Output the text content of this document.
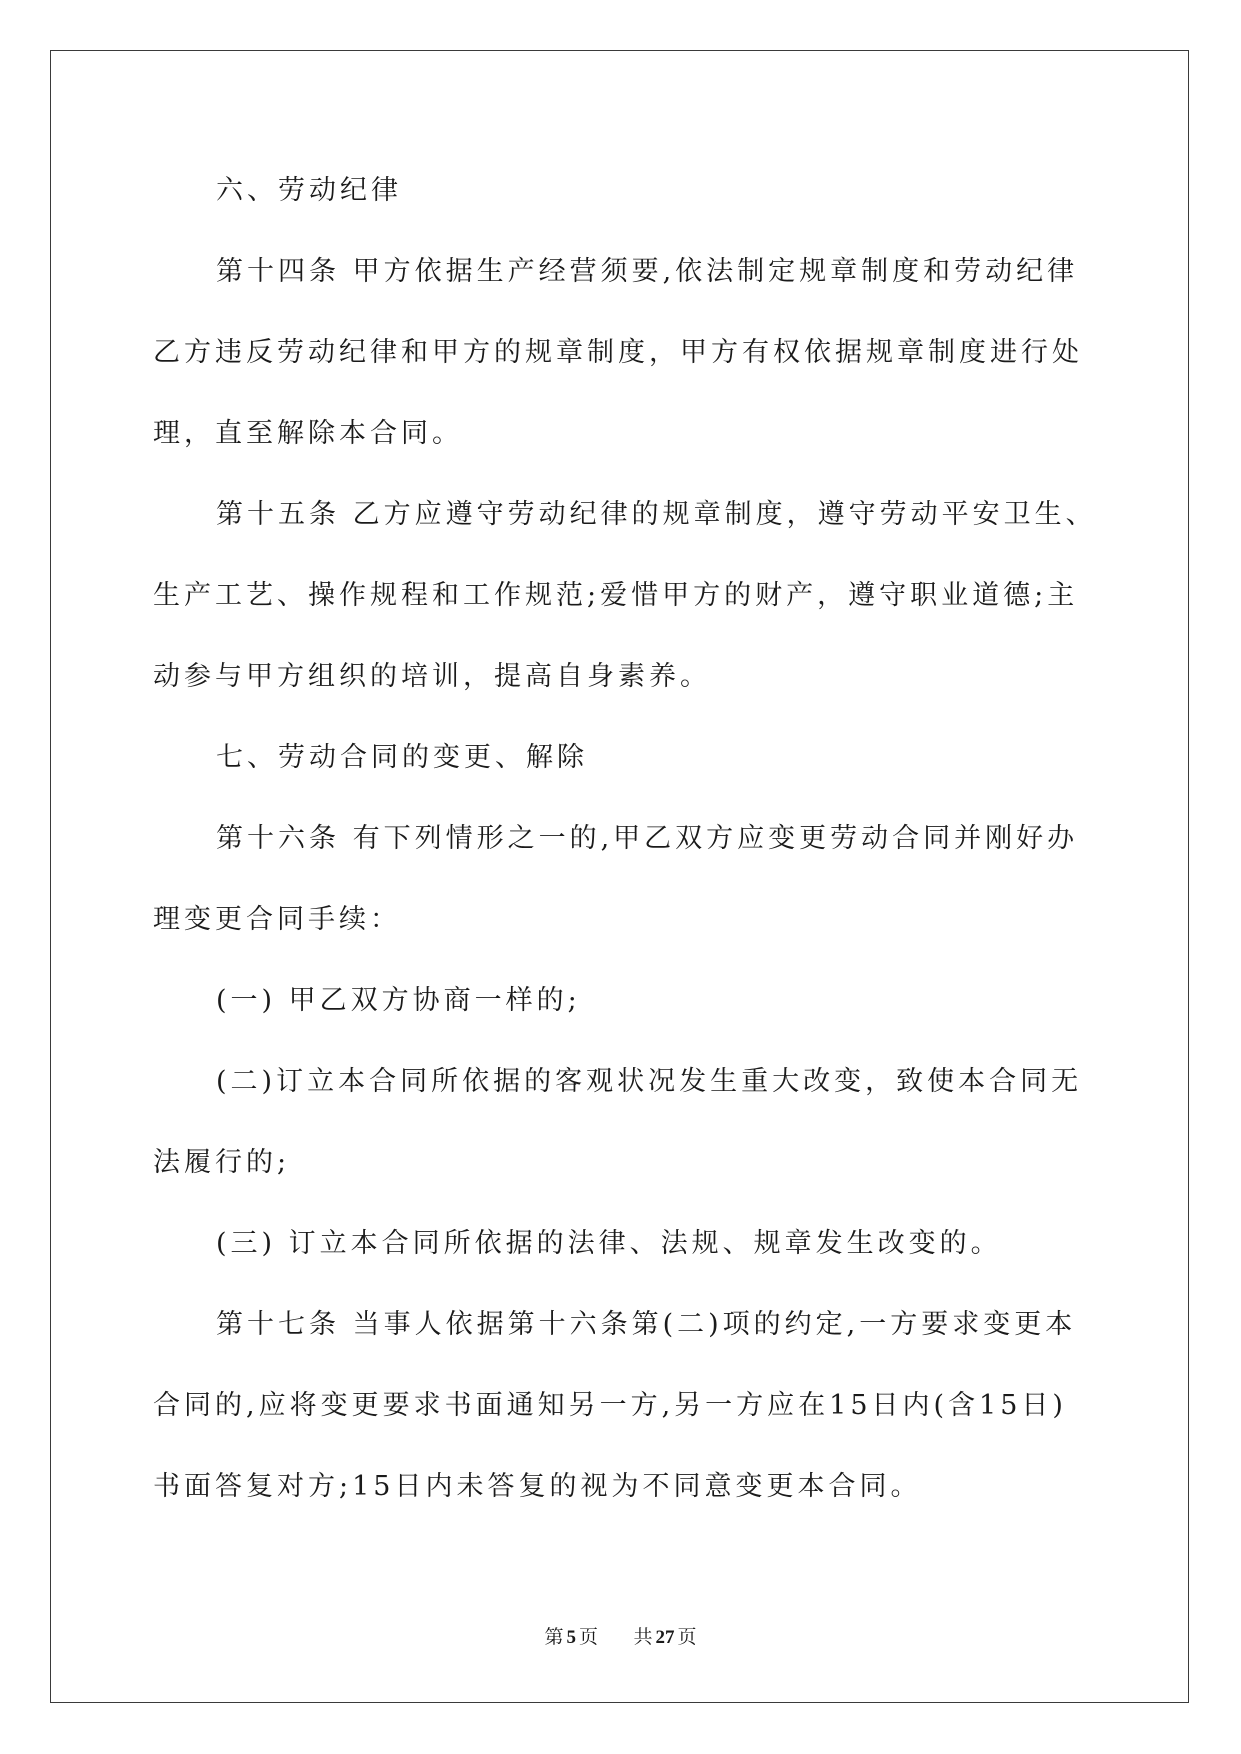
六、劳动纪律
第十四条 甲方依据生产经营须要,依法制定规章制度和劳动纪律
乙方违反劳动纪律和甲方的规章制度，甲方有权依据规章制度进行处
理，直至解除本合同。
第十五条 乙方应遵守劳动纪律的规章制度，遵守劳动平安卫生、
生产工艺、操作规程和工作规范;爱惜甲方的财产，遵守职业道德;主
动参与甲方组织的培训，提高自身素养。
七、劳动合同的变更、解除
第十六条 有下列情形之一的,甲乙双方应变更劳动合同并刚好办
理变更合同手续：
(一) 甲乙双方协商一样的;
(二)订立本合同所依据的客观状况发生重大改变，致使本合同无
法履行的;
(三) 订立本合同所依据的法律、法规、规章发生改变的。
第十七条 当事人依据第十六条第(二)项的约定,一方要求变更本
合同的,应将变更要求书面通知另一方,另一方应在15日内(含15日)
书面答复对方;15日内未答复的视为不同意变更本合同。
第 5 页 共 27 页
